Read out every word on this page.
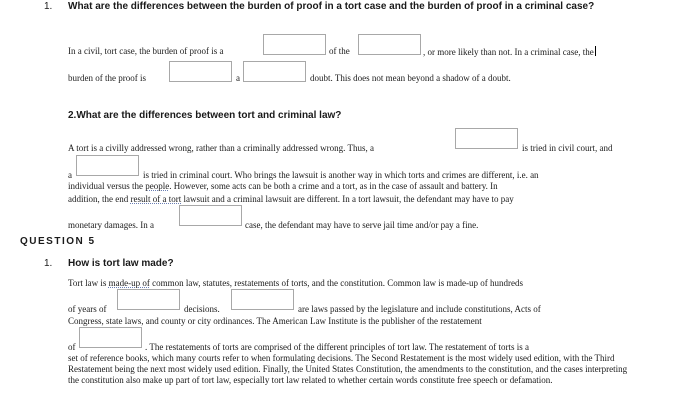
1. What are the differences between the burden of proof in a tort case and the burden of proof in a criminal case?
In a civil, tort case, the burden of proof is a	of the	, or more likely than not. In a criminal case, the
burden of the proof is	a	doubt. This does not mean beyond a shadow of a doubt.
2.What are the differences between tort and criminal law?
A tort is a civilly addressed wrong, rather than a criminally addressed wrong. Thus, a	is tried in civil court, and
a	is tried in criminal court. Who brings the lawsuit is another way in which torts and crimes are different, i.e. an
individual versus the people. However, some acts can be both a crime and a tort, as in the case of assault and battery. In
addition, the end result of a tort lawsuit and a criminal lawsuit are different. In a tort lawsuit, the defendant may have to pay
monetary damages. In a	case, the defendant may have to serve jail time and/or pay a fine.
QUESTION 5
1. How is tort law made?
Tort law is made-up of common law, statutes, restatements of torts, and the constitution. Common law is made-up of hundreds
of years of	decisions.	are laws passed by the legislature and include constitutions, Acts of
Congress, state laws, and county or city ordinances. The American Law Institute is the publisher of the restatement
of	. The restatements of torts are comprised of the different principles of tort law. The restatement of torts is a
set of reference books, which many courts refer to when formulating decisions. The Second Restatement is the most widely used edition, with the Third Restatement being the next most widely used edition. Finally, the United States Constitution, the amendments to the constitution, and the cases interpreting the constitution also make up part of tort law, especially tort law related to whether certain words constitute free speech or defamation.
